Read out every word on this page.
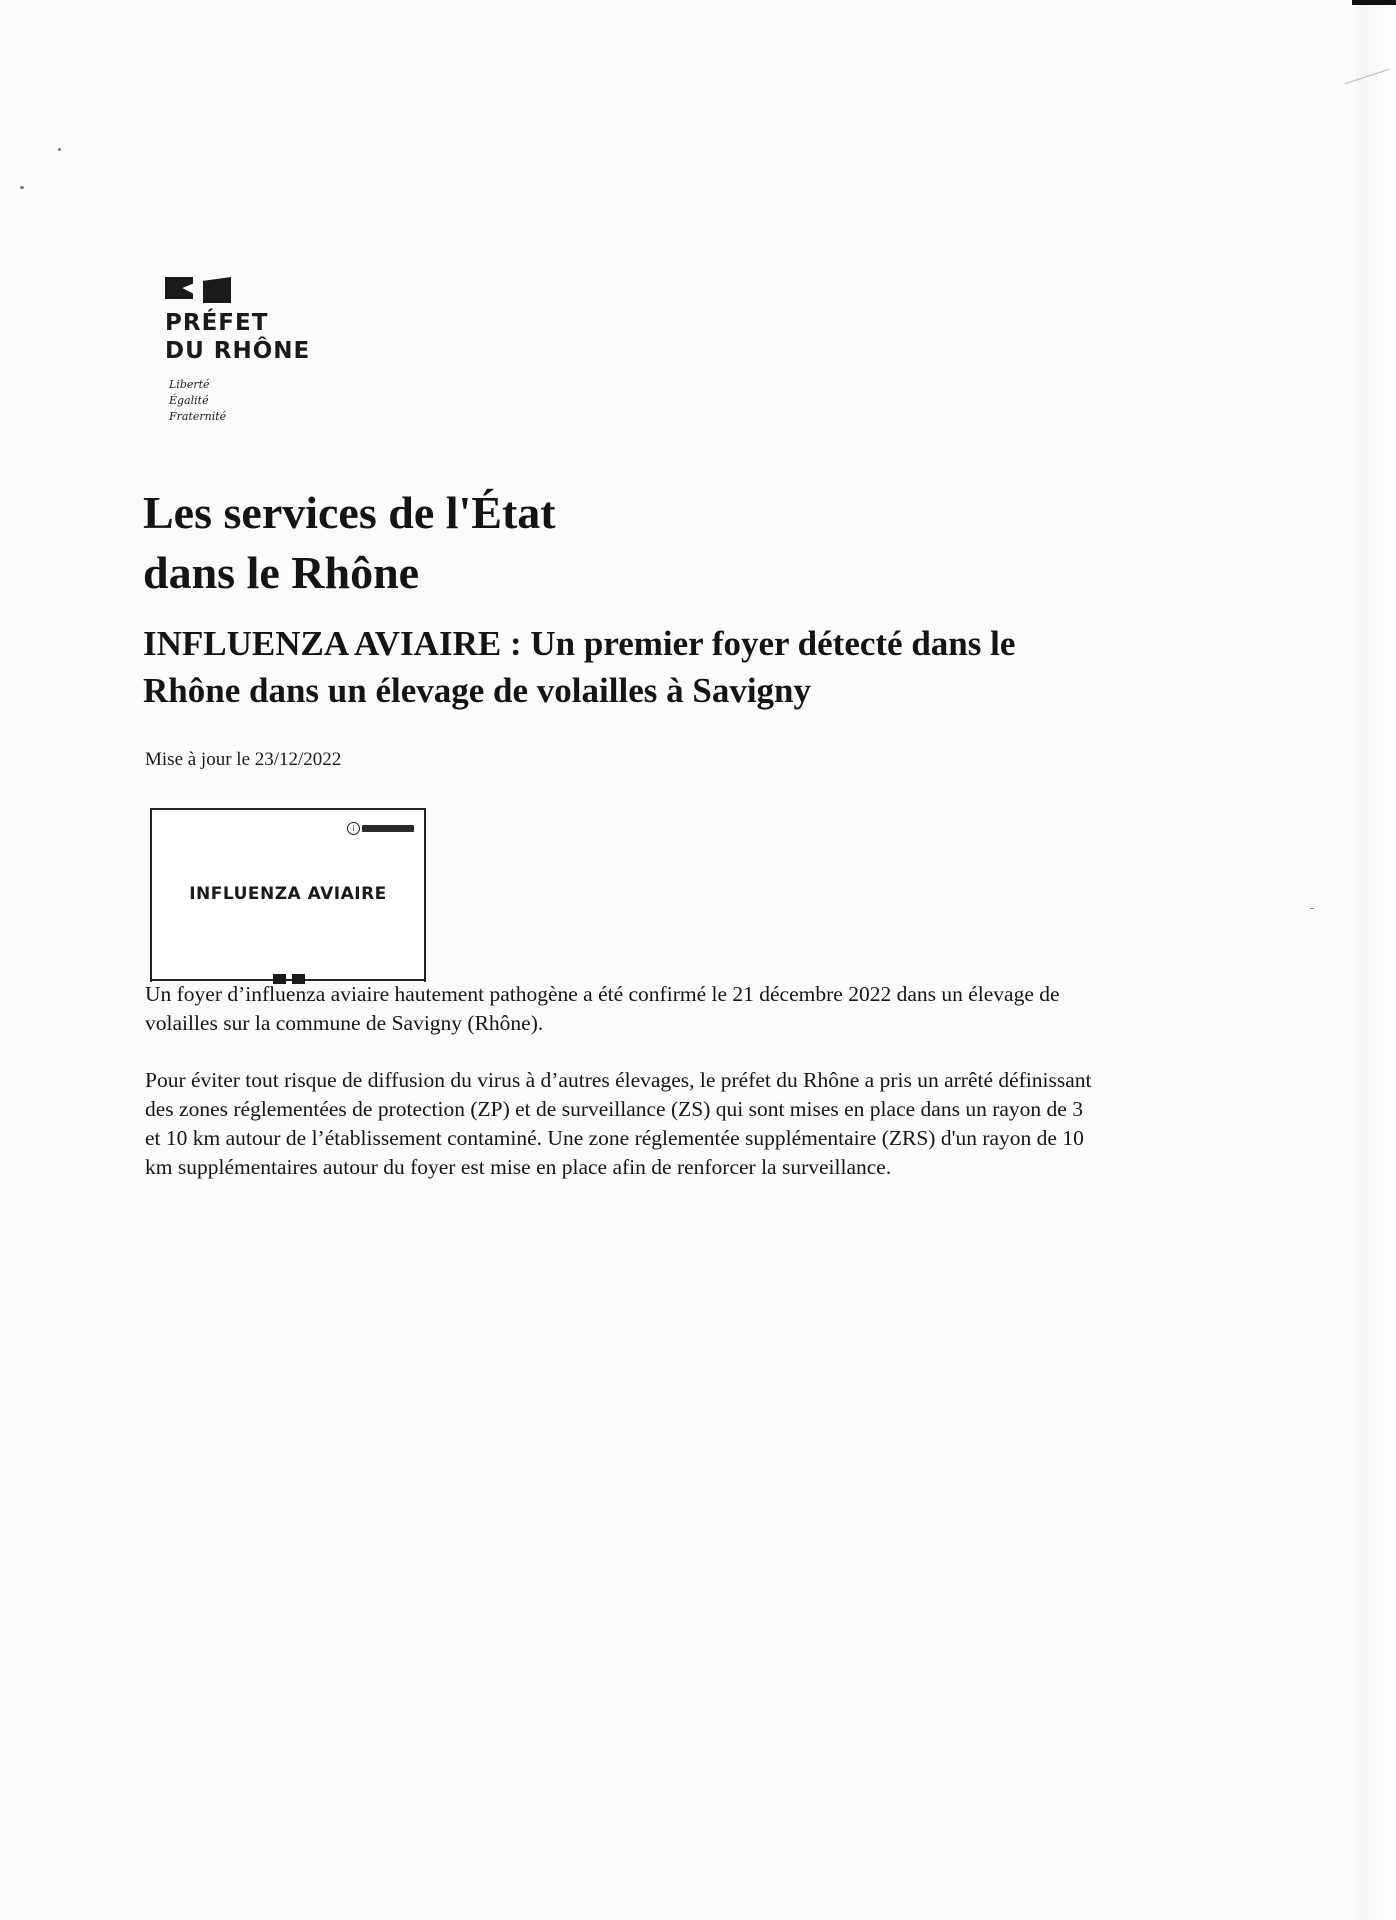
PRÉFET
DU RHÔNE
Liberté
Égalité
Fraternité
Les services de l'État
dans le Rhône
INFLUENZA AVIAIRE : Un premier foyer détecté dans le Rhône dans un élevage de volailles à Savigny
Mise à jour le 23/12/2022
i
INFLUENZA AVIAIRE

Un foyer d’influenza aviaire hautement pathogène a été confirmé le 21 décembre 2022 dans un élevage de volailles sur la commune de Savigny (Rhône).

Pour éviter tout risque de diffusion du virus à d’autres élevages, le préfet du Rhône a pris un arrêté définissant des zones réglementées de protection (ZP) et de surveillance (ZS) qui sont mises en place dans un rayon de 3 et 10 km autour de l’établissement contaminé. Une zone réglementée supplémentaire (ZRS) d'un rayon de 10 km supplémentaires autour du foyer est mise en place afin de renforcer la surveillance.
